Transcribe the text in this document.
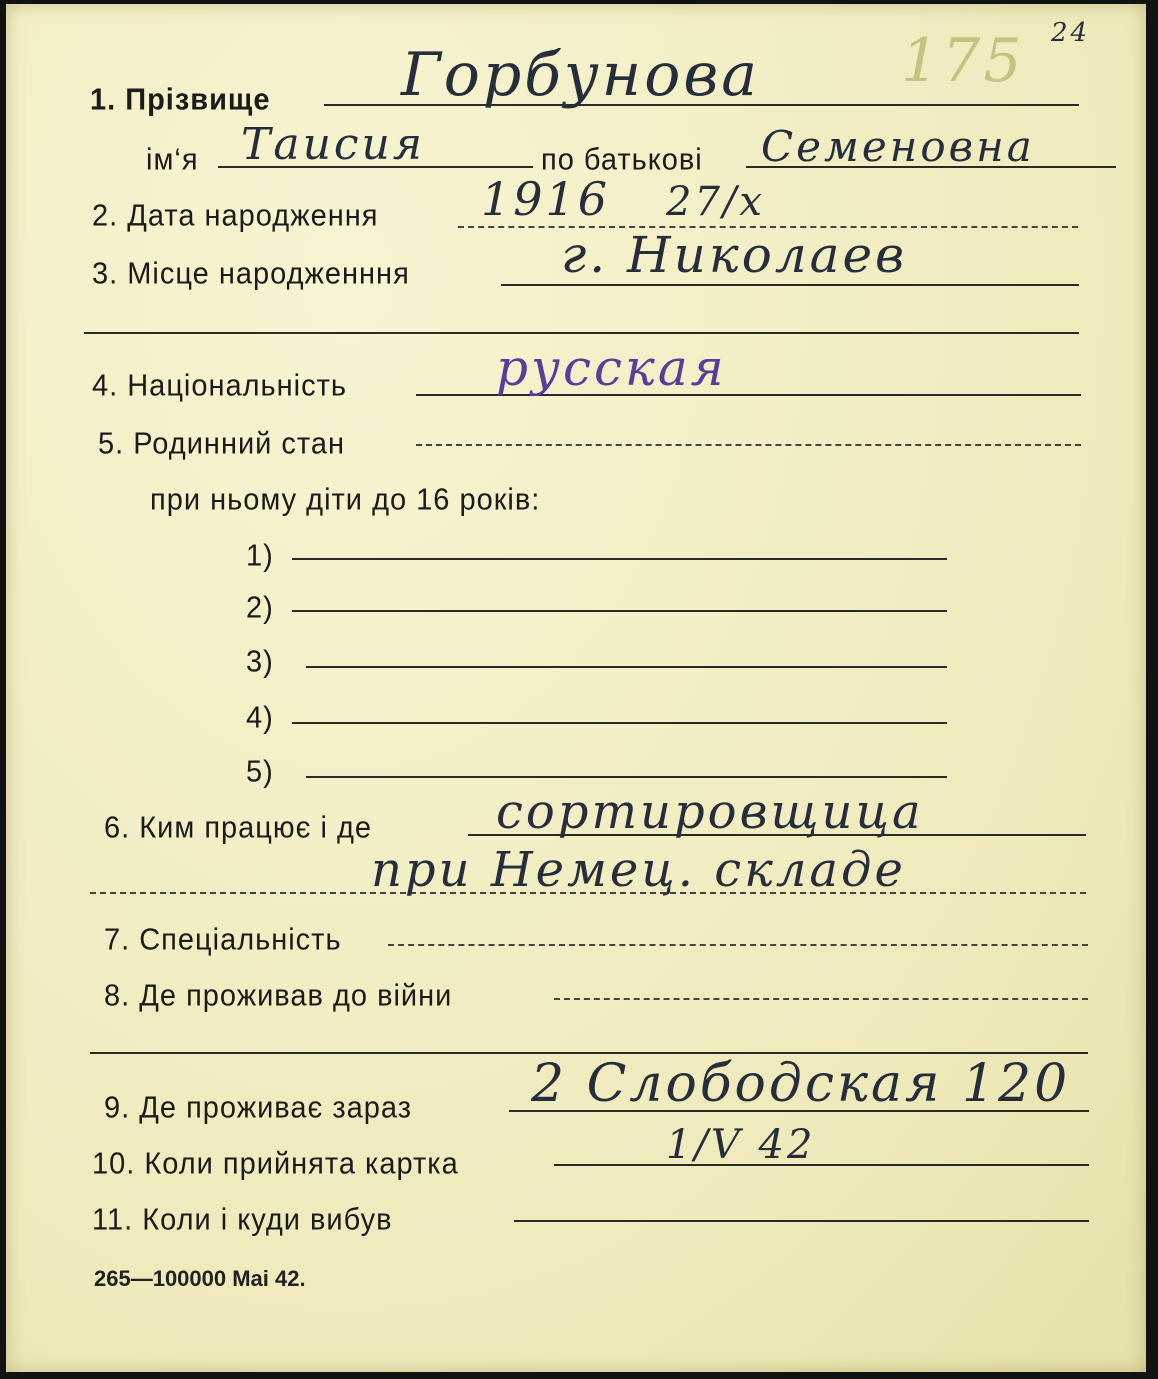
1. Прізвище Горбунова 175 24
ім‘я Таисия	по батькові Семеновна
2. Дата народження 1916 27/x
3. Місце народженння	г. Николаев
4. Національність	русская
5. Родинний стан
при ньому діти до 16 років:
1)
2)
3)
4)
5)
6. Ким працює і де	сортировщица
при Немец. складе
7. Спеціальність
8. Де проживав до війни
9. Де проживає зараз 2 Слободская 120
10. Коли прийнята картка	1/V 42
11. Коли і куди вибув
265—100000 Mai 42.
